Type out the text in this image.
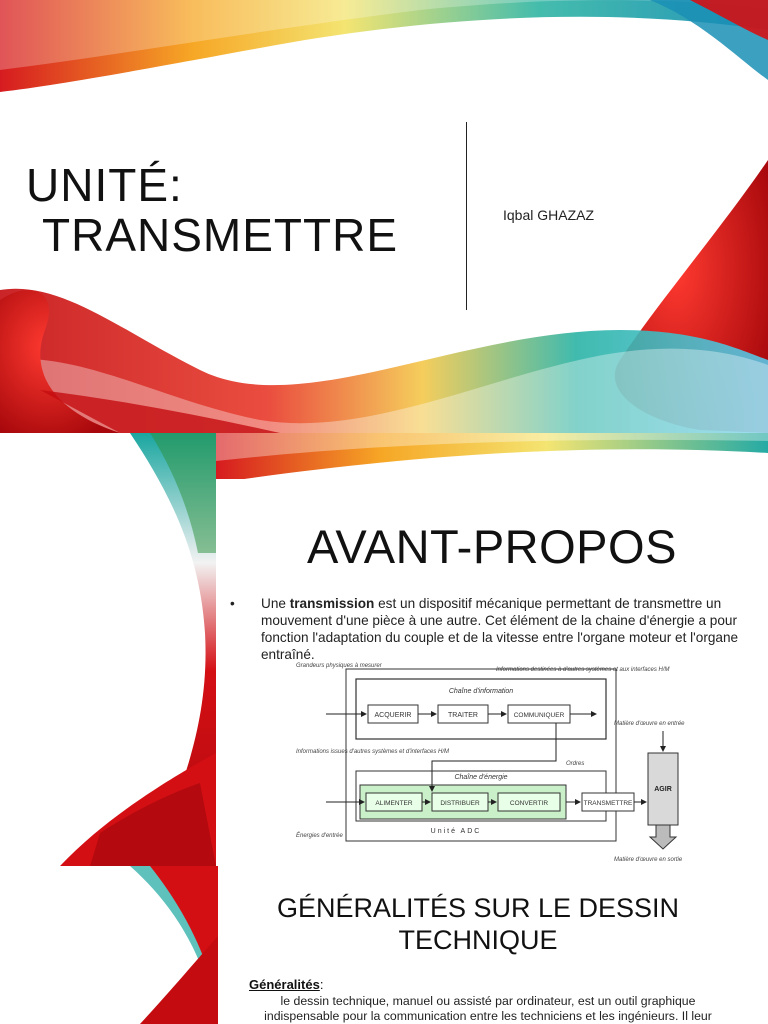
UNITÉ:
TRANSMETTRE	Iqbal GHAZAZ
AVANT-PROPOS
• Une transmission est un dispositif mécanique permettant de transmettre un mouvement d'une pièce à une autre. Cet élément de la chaine d'énergie a pour fonction l'adaptation du couple et de la vitesse entre l'organe moteur et l'organe entraîné.
Chaîne d'information
ACQUERIR	TRAITER	COMMUNIQUER
Chaîne d'énergie
ALIMENTER	DISTRIBUER	CONVERTIR	TRANSMETTRE
Unité ADC
AGIR
Grandeurs physiques à mesurer
Informations issues d'autres systèmes et d'interfaces H/M
Énergies d'entrée
Informations destinées à d'autres systèmes et aux interfaces H/M
Matière d'œuvre en entrée
Ordres
Matière d'œuvre en sortie
GÉNÉRALITÉS SUR LE DESSIN TECHNIQUE
Généralités:
le dessin technique, manuel ou assisté par ordinateur, est un outil graphique indispensable pour la communication entre les techniciens et les ingénieurs. Il leur
